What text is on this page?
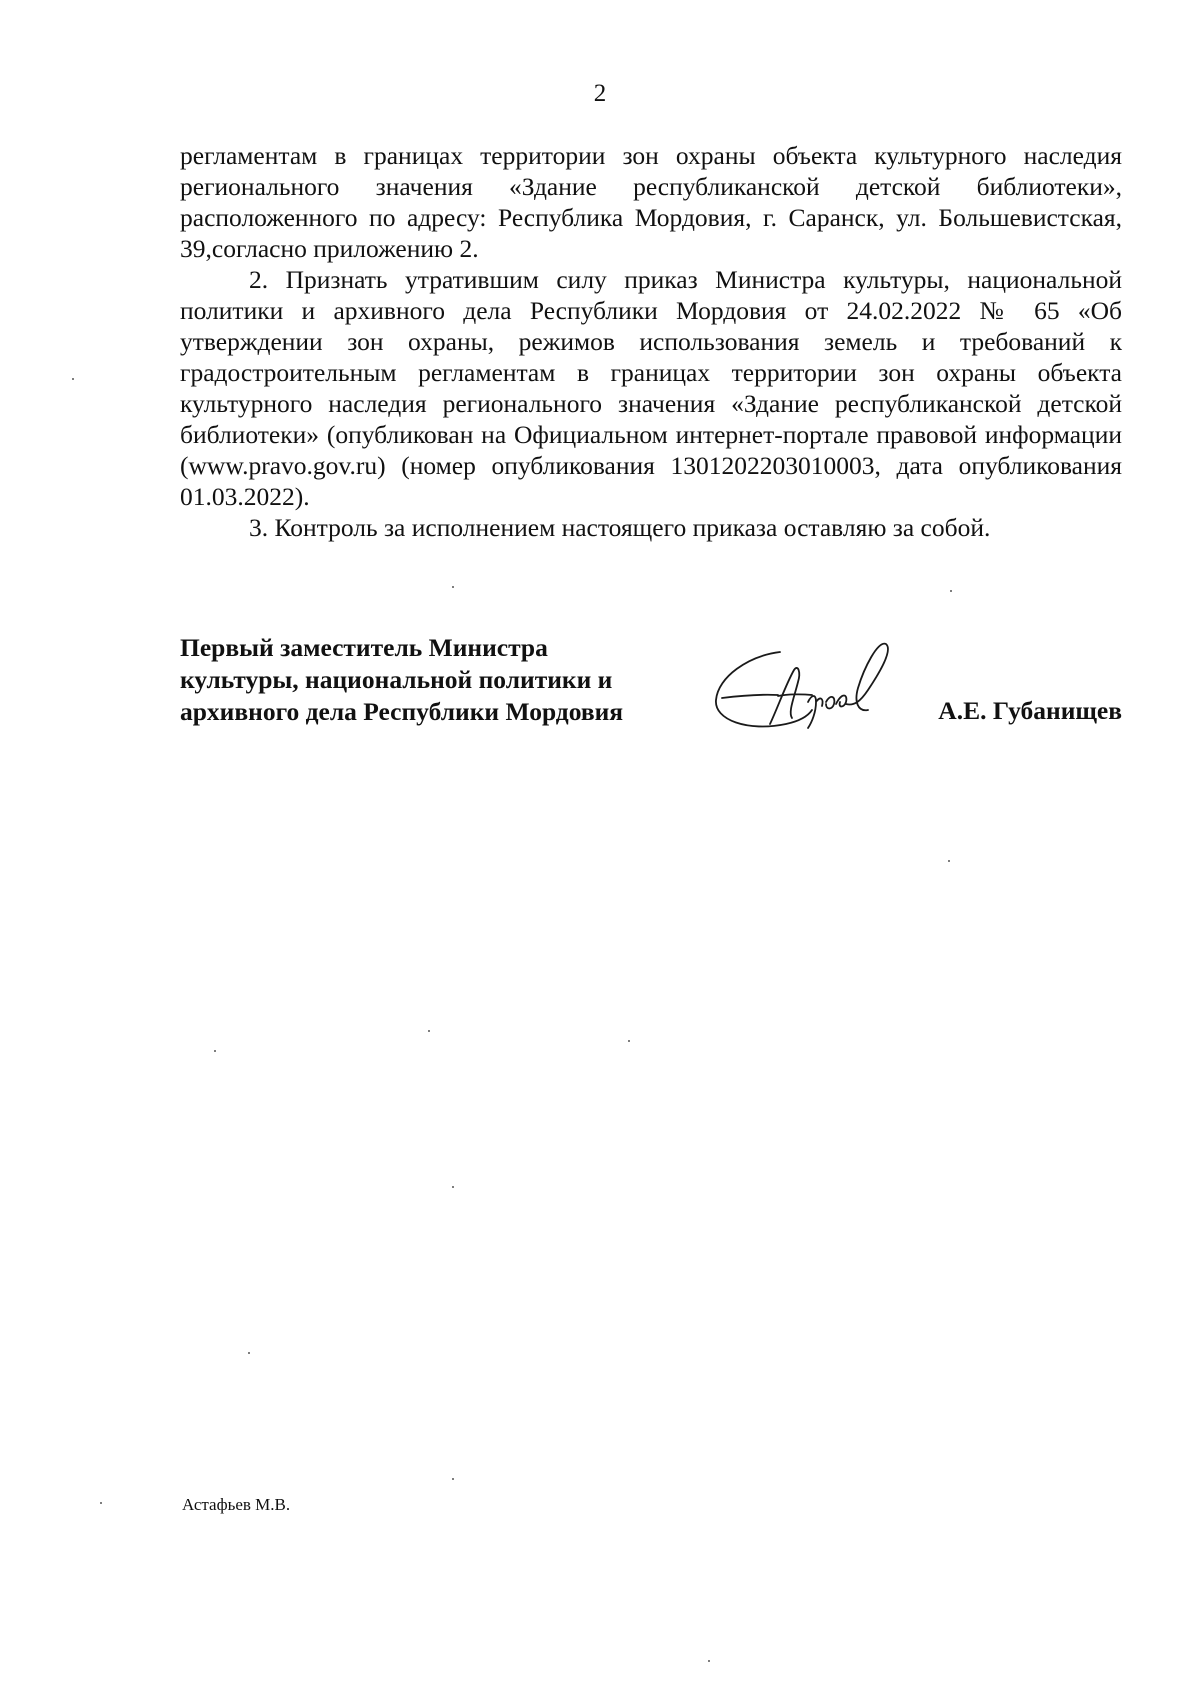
2

регламентам в границах территории зон охраны объекта культурного наследия регионального значения «Здание республиканской детской библиотеки», расположенного по адресу: Республика Мордовия, г. Саранск, ул. Большевистская, 39,согласно приложению 2.

2. Признать утратившим силу приказ Министра культуры, национальной политики и архивного дела Республики Мордовия от 24.02.2022 № 65 «Об утверждении зон охраны, режимов использования земель и требований к градостроительным регламентам в границах территории зон охраны объекта культурного наследия регионального значения «Здание республиканской детской библиотеки» (опубликован на Официальном интернет-портале правовой информации (www.pravo.gov.ru) (номер опубликования 1301202203010003, дата опубликования 01.03.2022).

3. Контроль за исполнением настоящего приказа оставляю за собой.

Первый заместитель Министра
культуры, национальной политики и
архивного дела Республики Мордовия	А.Е. Губанищев
Астафьев М.В.
